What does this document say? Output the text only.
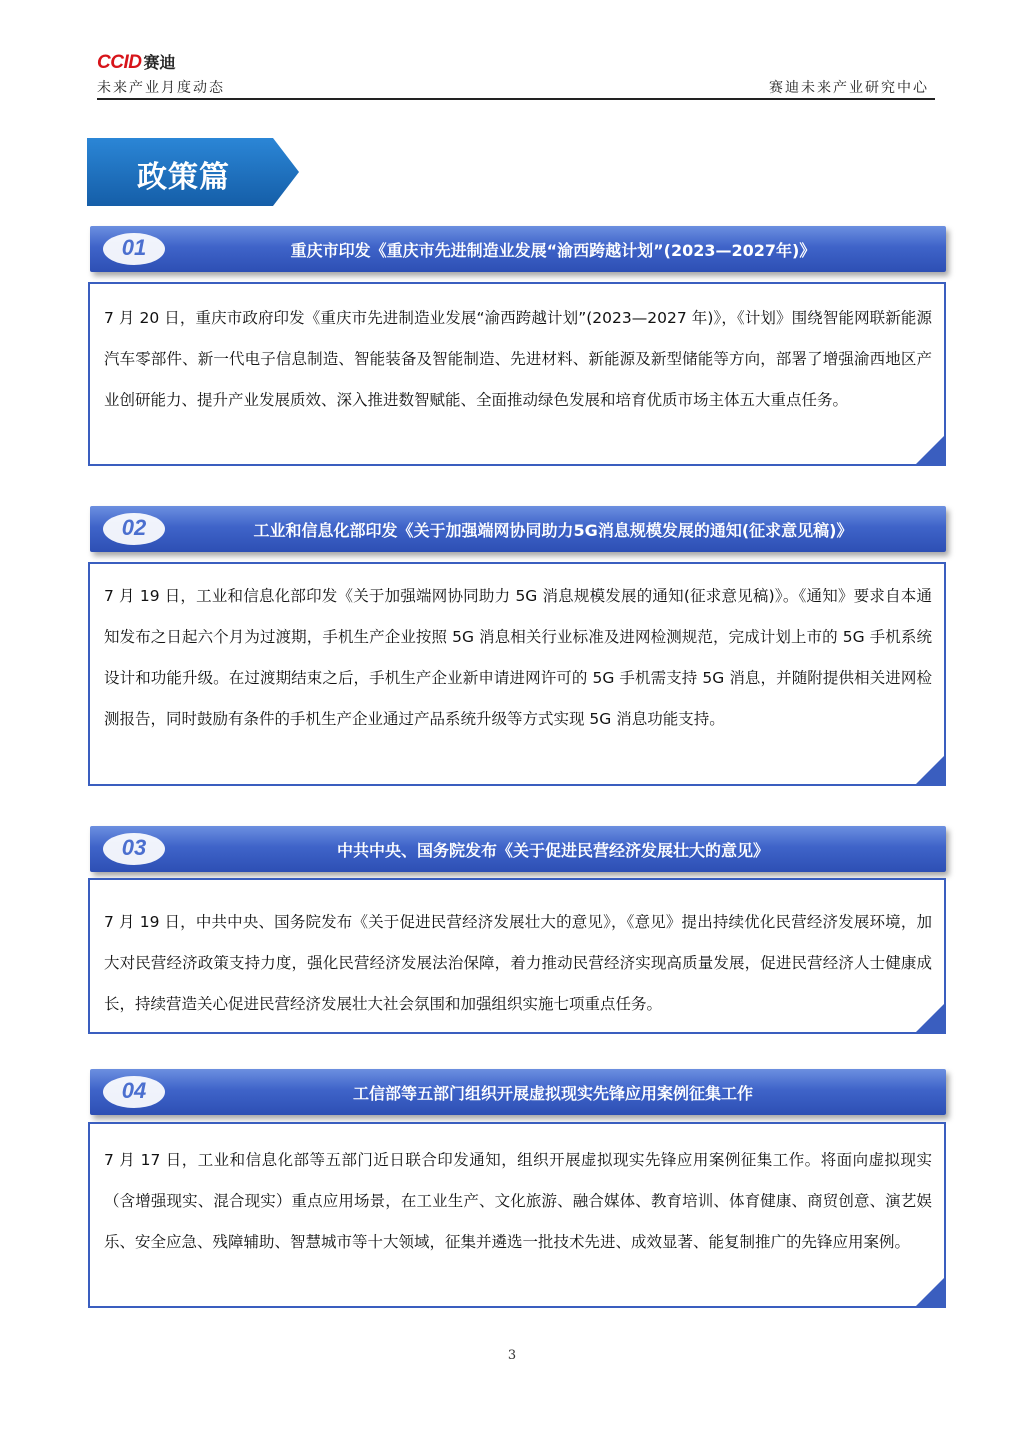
CCID 赛迪
未来产业月度动态	赛迪未来产业研究中心
政策篇
01	重庆市印发《重庆市先进制造业发展“渝西跨越计划”(2023—2027年)》
7 月 20 日，重庆市政府印发《重庆市先进制造业发展“渝西跨越计划”(2023—2027 年)》，《计划》围绕智能网联新能源汽车零部件、新一代电子信息制造、智能装备及智能制造、先进材料、新能源及新型储能等方向，部署了增强渝西地区产业创研能力、提升产业发展质效、深入推进数智赋能、全面推动绿色发展和培育优质市场主体五大重点任务。
02	工业和信息化部印发《关于加强端网协同助力5G消息规模发展的通知(征求意见稿)》
7 月 19 日，工业和信息化部印发《关于加强端网协同助力 5G 消息规模发展的通知(征求意见稿)》。《通知》要求自本通知发布之日起六个月为过渡期，手机生产企业按照 5G 消息相关行业标准及进网检测规范，完成计划上市的 5G 手机系统设计和功能升级。在过渡期结束之后，手机生产企业新申请进网许可的 5G 手机需支持 5G 消息，并随附提供相关进网检测报告，同时鼓励有条件的手机生产企业通过产品系统升级等方式实现 5G 消息功能支持。
03	中共中央、国务院发布《关于促进民营经济发展壮大的意见》
7 月 19 日，中共中央、国务院发布《关于促进民营经济发展壮大的意见》，《意见》提出持续优化民营经济发展环境，加大对民营经济政策支持力度，强化民营经济发展法治保障，着力推动民营经济实现高质量发展，促进民营经济人士健康成长，持续营造关心促进民营经济发展壮大社会氛围和加强组织实施七项重点任务。
04	工信部等五部门组织开展虚拟现实先锋应用案例征集工作
7 月 17 日，工业和信息化部等五部门近日联合印发通知，组织开展虚拟现实先锋应用案例征集工作。将面向虚拟现实（含增强现实、混合现实）重点应用场景，在工业生产、文化旅游、融合媒体、教育培训、体育健康、商贸创意、演艺娱乐、安全应急、残障辅助、智慧城市等十大领域，征集并遴选一批技术先进、成效显著、能复制推广的先锋应用案例。
3
